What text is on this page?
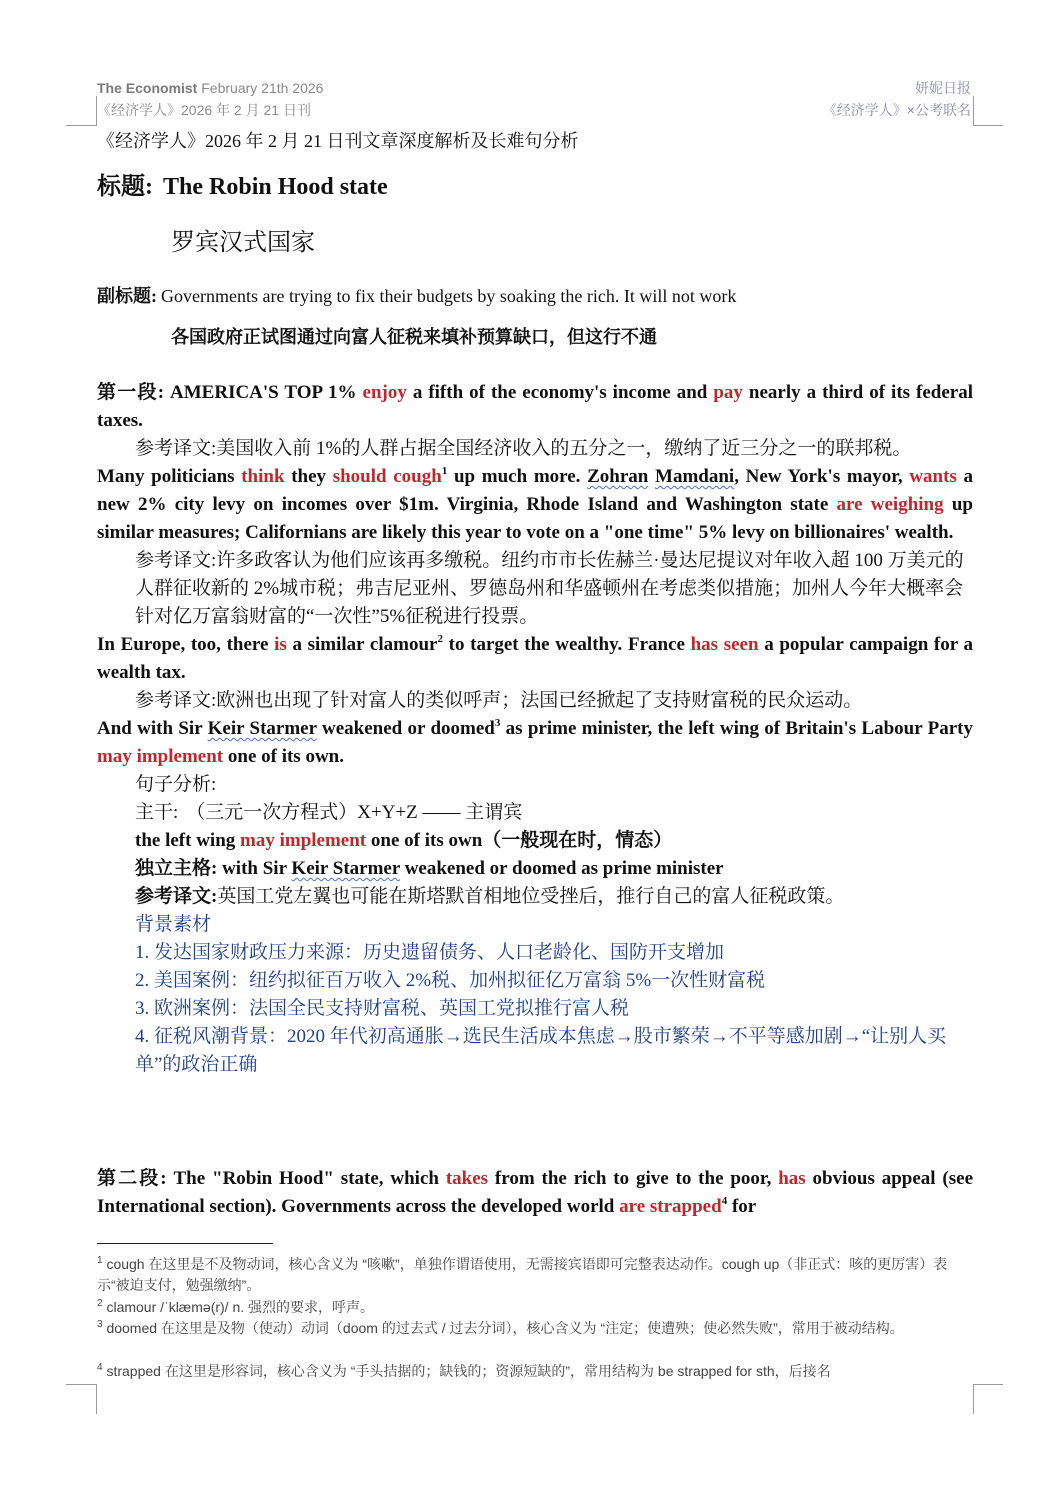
The Economist February 21th 2026
《经济学人》2026 年 2 月 21 日刊
妍妮日报
《经济学人》×公考联名
《经济学人》2026 年 2 月 21 日刊文章深度解析及长难句分析
标题: The Robin Hood state
罗宾汉式国家
副标题: Governments are trying to fix their budgets by soaking the rich. It will not work
各国政府正试图通过向富人征税来填补预算缺口，但这行不通
第一段: AMERICA'S TOP 1% enjoy a fifth of the economy's income and pay nearly a third of its federal taxes.
参考译文:美国收入前 1%的人群占据全国经济收入的五分之一，缴纳了近三分之一的联邦税。
Many politicians think they should cough$^1$ up much more. Zohran Mamdani, New York's mayor, wants a new 2% city levy on incomes over $1m. Virginia, Rhode Island and Washington state are weighing up similar measures; Californians are likely this year to vote on a "one time" 5% levy on billionaires' wealth.
参考译文:许多政客认为他们应该再多缴税。纽约市市长佐赫兰·曼达尼提议对年收入超 100 万美元的人群征收新的 2%城市税；弗吉尼亚州、罗德岛州和华盛顿州在考虑类似措施；加州人今年大概率会针对亿万富翁财富的“一次性”5%征税进行投票。
In Europe, too, there is a similar clamour$^2$ to target the wealthy. France has seen a popular campaign for a wealth tax.
参考译文:欧洲也出现了针对富人的类似呼声；法国已经掀起了支持财富税的民众运动。
And with Sir Keir Starmer weakened or doomed$^3$ as prime minister, the left wing of Britain's Labour Party may implement one of its own.
句子分析:
主干: （三元一次方程式）X+Y+Z —— 主谓宾
the left wing may implement one of its own（一般现在时，情态）
独立主格: with Sir Keir Starmer weakened or doomed as prime minister
参考译文:英国工党左翼也可能在斯塔默首相地位受挫后，推行自己的富人征税政策。
背景素材
1. 发达国家财政压力来源：历史遗留债务、人口老龄化、国防开支增加
2. 美国案例：纽约拟征百万收入 2%税、加州拟征亿万富翁 5%一次性财富税
3. 欧洲案例：法国全民支持财富税、英国工党拟推行富人税
4. 征税风潮背景：2020 年代初高通胀→选民生活成本焦虑→股市繁荣→不平等感加剧→“让别人买单”的政治正确
第二段: The "Robin Hood" state, which takes from the rich to give to the poor, has obvious appeal (see International section). Governments across the developed world are strapped$^4$ for
$^1$ cough 在这里是不及物动词，核心含义为 “咳嗽”，单独作谓语使用，无需接宾语即可完整表达动作。cough up（非正式：咳的更厉害）表示“被迫支付，勉强缴纳”。
$^2$ clamour /ˈklæmə(r)/ n. 强烈的要求，呼声。
$^3$ doomed 在这里是及物（使动）动词（doom 的过去式 / 过去分词），核心含义为 “注定；使遭殃；使必然失败”，常用于被动结构。
$^4$ strapped 在这里是形容词，核心含义为 “手头拮据的；缺钱的；资源短缺的”，常用结构为 be strapped for sth，后接名
